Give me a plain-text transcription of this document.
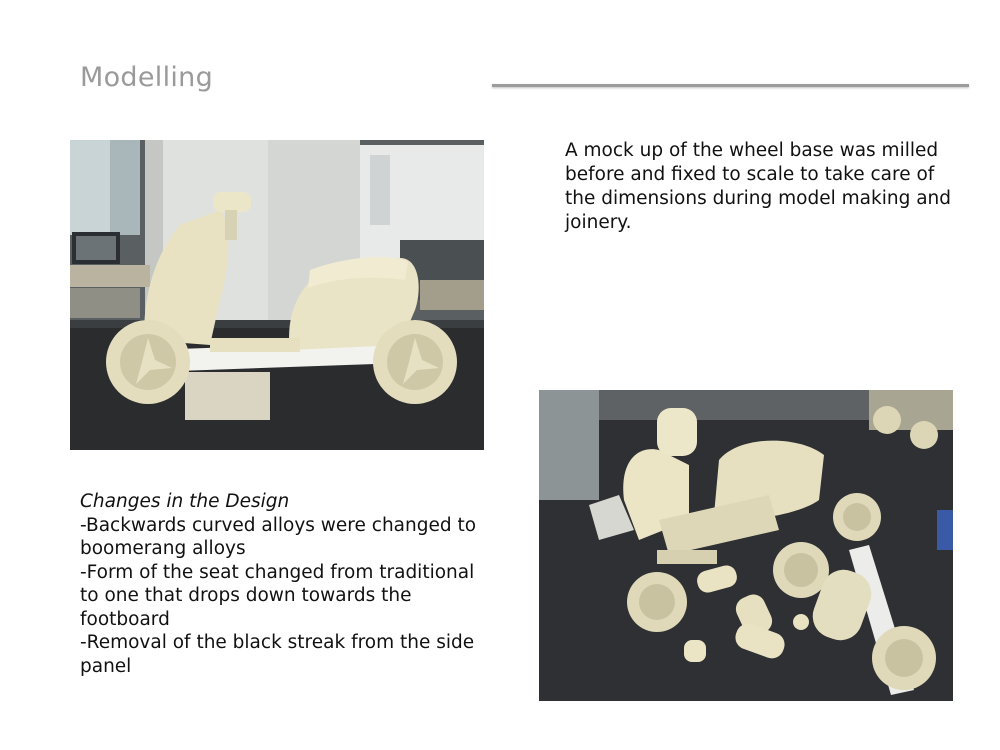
Modelling
A mock up of the wheel base was milled before and fixed to scale to take care of the dimensions during model making and joinery.
Changes in the Design
-Backwards curved alloys were changed to boomerang alloys
-Form of the seat changed from traditional to one that drops down towards the footboard
-Removal of the black streak from the side panel
